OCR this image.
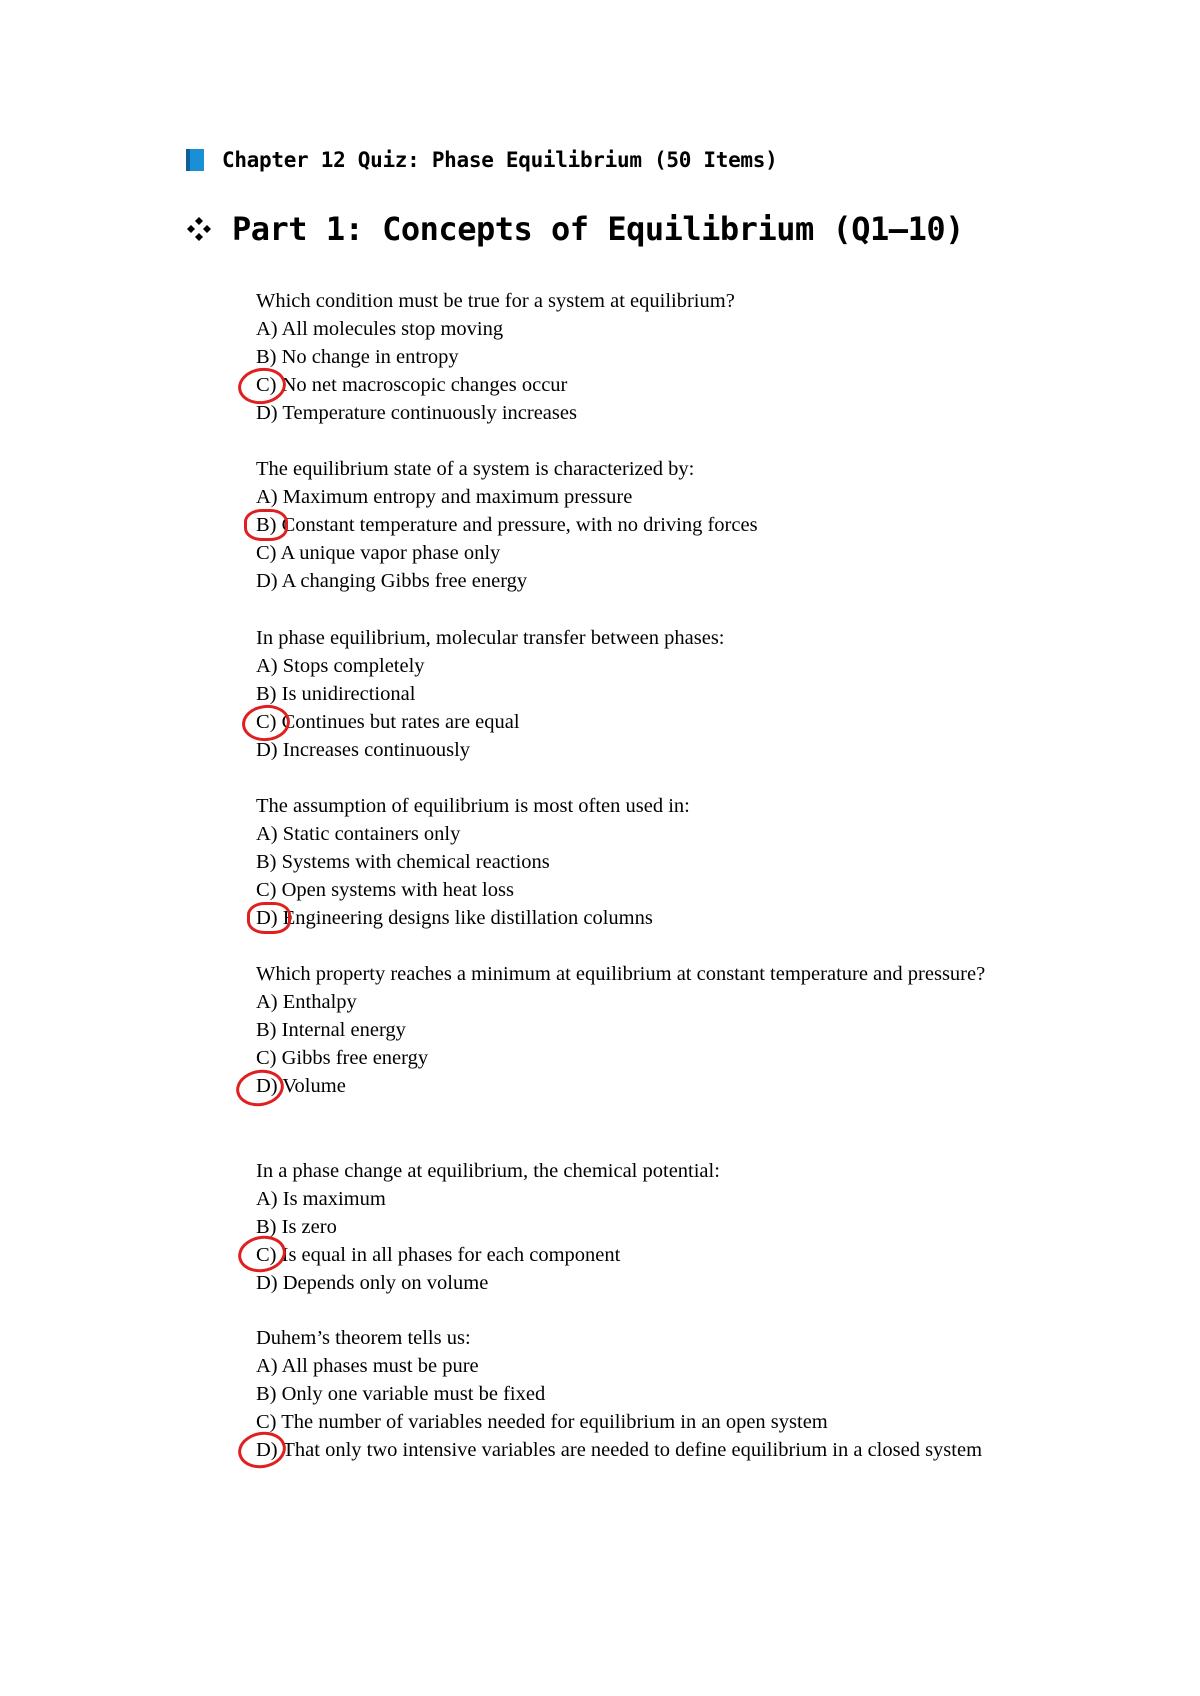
Chapter 12 Quiz: Phase Equilibrium (50 Items)
Part 1: Concepts of Equilibrium (Q1–10)
Which condition must be true for a system at equilibrium?
A) All molecules stop moving
B) No change in entropy
C) No net macroscopic changes occur
D) Temperature continuously increases
The equilibrium state of a system is characterized by:
A) Maximum entropy and maximum pressure
B) Constant temperature and pressure, with no driving forces
C) A unique vapor phase only
D) A changing Gibbs free energy
In phase equilibrium, molecular transfer between phases:
A) Stops completely
B) Is unidirectional
C) Continues but rates are equal
D) Increases continuously
The assumption of equilibrium is most often used in:
A) Static containers only
B) Systems with chemical reactions
C) Open systems with heat loss
D) Engineering designs like distillation columns
Which property reaches a minimum at equilibrium at constant temperature and pressure?
A) Enthalpy
B) Internal energy
C) Gibbs free energy
D) Volume
In a phase change at equilibrium, the chemical potential:
A) Is maximum
B) Is zero
C) Is equal in all phases for each component
D) Depends only on volume
Duhem’s theorem tells us:
A) All phases must be pure
B) Only one variable must be fixed
C) The number of variables needed for equilibrium in an open system
D) That only two intensive variables are needed to define equilibrium in a closed system
